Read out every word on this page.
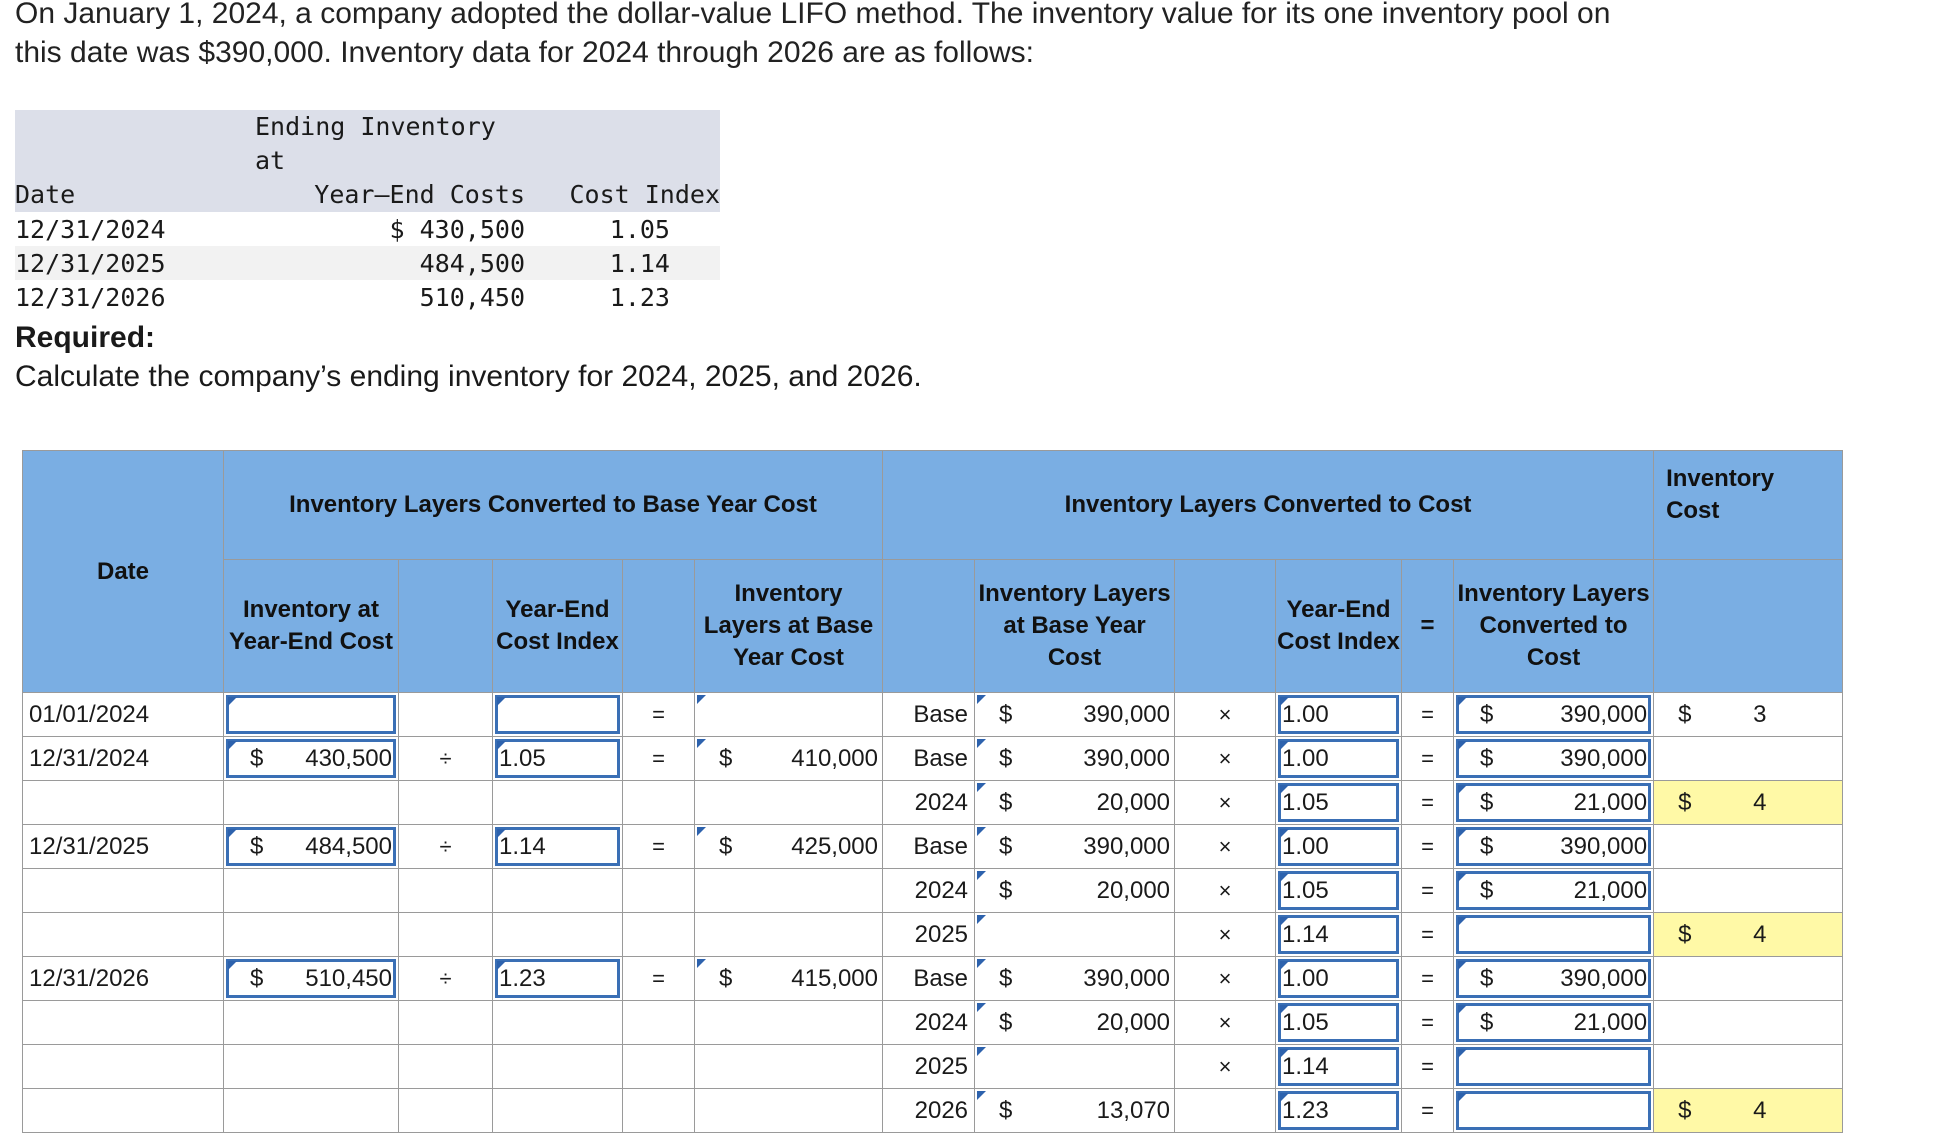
On January 1, 2024, a company adopted the dollar-value LIFO method. The inventory value for its one inventory pool on

this date was $390,000. Inventory data for 2024 through 2026 are as follows:

Date	Ending Inventory at
Year–End Costs	Cost Index
12/31/2024	$ 430,500	1.05
12/31/2025	484,500	1.14
12/31/2026	510,450	1.23
Required:
Calculate the company’s ending inventory for 2024, 2025, and 2026.
Date	Inventory Layers Converted to Base Year Cost					Inventory Layers Converted to Cost						Inventory Cost

	Inventory at Year-End Cost		Year-End Cost Index		Inventory Layers at Base Year Cost		Inventory Layers at Base Year Cost		Year-End Cost Index	=	Inventory Layers Converted to Cost	
01/01/2024				=		Base	$ 390,000	×	1.00	=	$ 390,000	$ 3

12/31/2024	$ 430,500	÷	1.05	=	$ 410,000	Base	$ 390,000	×	1.00	=	$ 390,000	

						2024	$ 20,000	×	1.05	=	$ 21,000	$ 4

12/31/2025	$ 484,500	÷	1.14	=	$ 425,000	Base	$ 390,000	×	1.00	=	$ 390,000	

						2024	$ 20,000	×	1.05	=	$ 21,000	

						2025		×	1.14	=		$ 4

12/31/2026	$ 510,450	÷	1.23	=	$ 415,000	Base	$ 390,000	×	1.00	=	$ 390,000	

						2024	$ 20,000	×	1.05	=	$ 21,000	

						2025		×	1.14	=	

						2026	$ 13,070		1.23	=		$ 4
